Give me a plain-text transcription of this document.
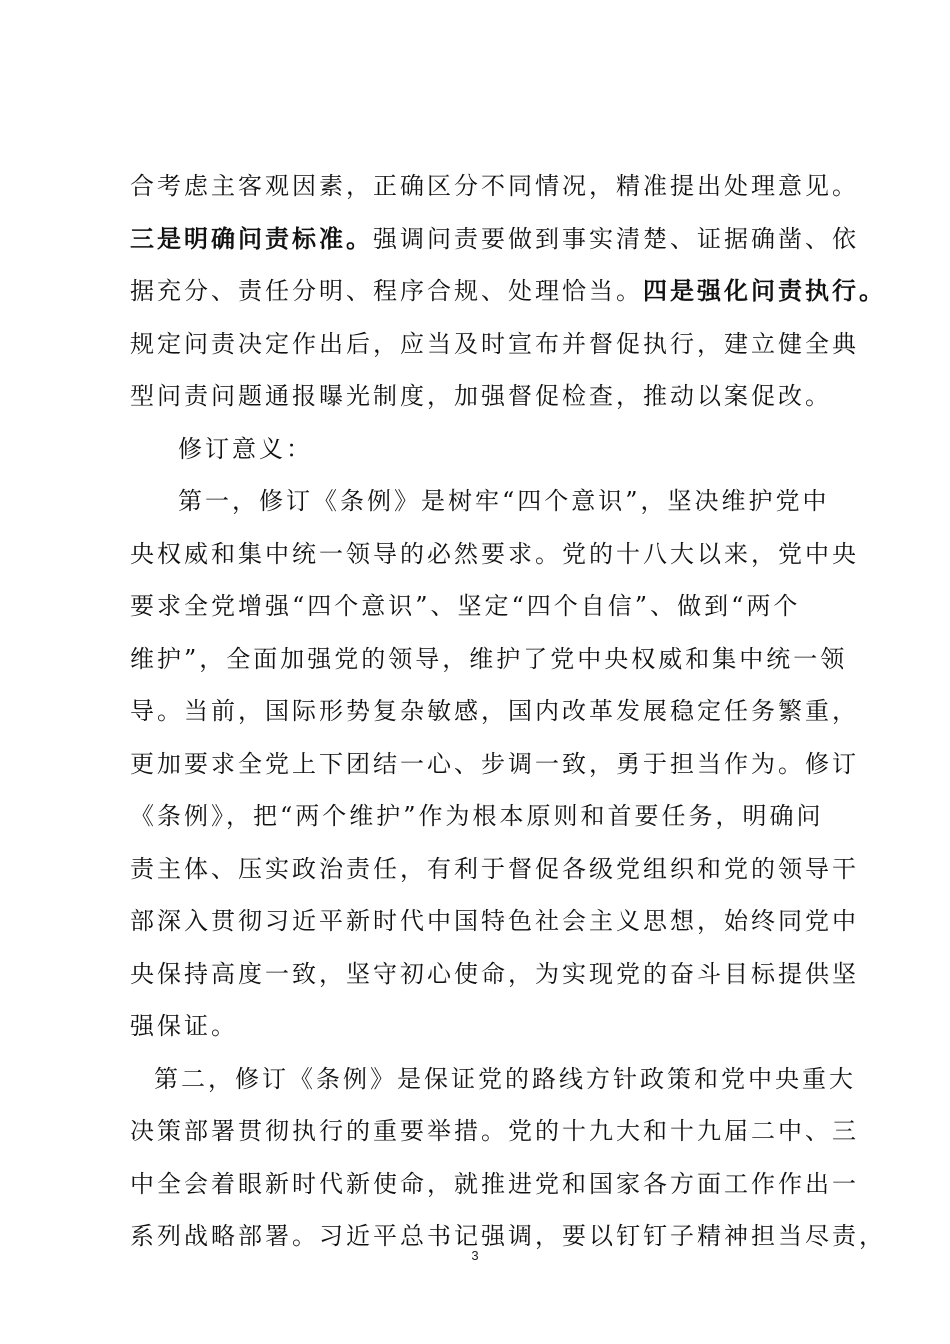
合考虑主客观因素，正确区分不同情况，精准提出处理意见。
三是明确问责标准。强调问责要做到事实清楚、证据确凿、依
据充分、责任分明、程序合规、处理恰当。四是强化问责执行。
规定问责决定作出后，应当及时宣布并督促执行，建立健全典
型问责问题通报曝光制度，加强督促检查，推动以案促改。
修订意义：
第一，修订《条例》是树牢“四个意识”，坚决维护党中
央权威和集中统一领导的必然要求。党的十八大以来，党中央
要求全党增强“四个意识”、坚定“四个自信”、做到“两个
维护”，全面加强党的领导，维护了党中央权威和集中统一领
导。当前，国际形势复杂敏感，国内改革发展稳定任务繁重，
更加要求全党上下团结一心、步调一致，勇于担当作为。修订
《条例》，把“两个维护”作为根本原则和首要任务，明确问
责主体、压实政治责任，有利于督促各级党组织和党的领导干
部深入贯彻习近平新时代中国特色社会主义思想，始终同党中
央保持高度一致，坚守初心使命，为实现党的奋斗目标提供坚
强保证。
第二，修订《条例》是保证党的路线方针政策和党中央重大
决策部署贯彻执行的重要举措。党的十九大和十九届二中、三
中全会着眼新时代新使命，就推进党和国家各方面工作作出一
系列战略部署。习近平总书记强调，要以钉钉子精神担当尽责，
3
